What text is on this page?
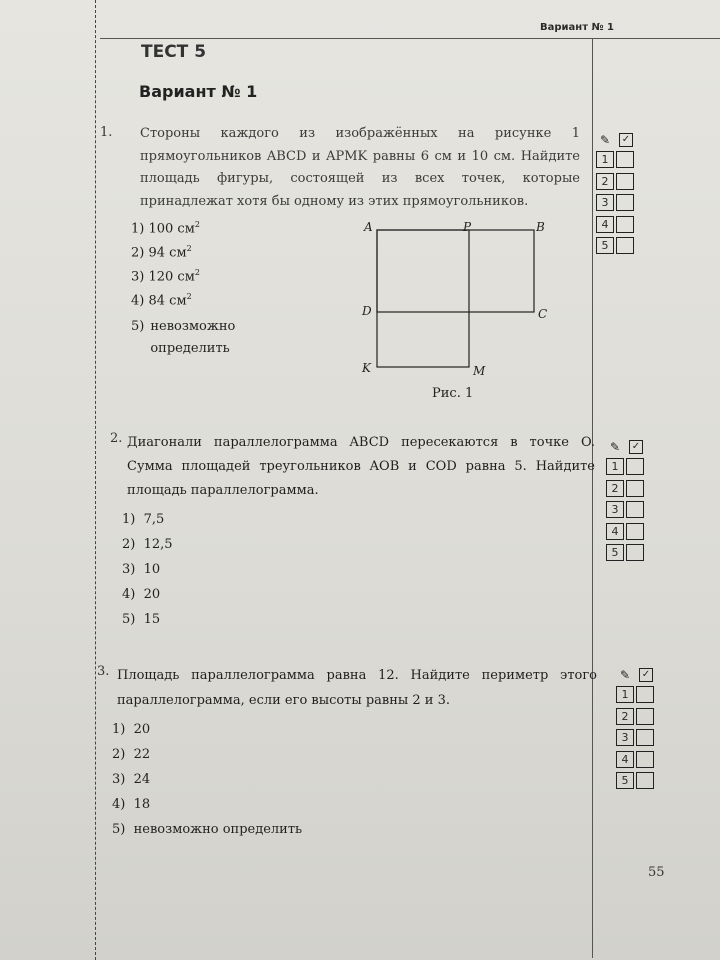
Вариант № 1
ТЕСТ 5
Вариант № 1
1. Стороны каждого из изображённых на рисунке 1 прямоугольников ABCD и APMK равны 6 см и 10 см. Найдите площадь фигуры, состоящей из всех точек, которые принадлежат хотя бы одному из этих прямоугольников.
1) 100 $см^2$
2) 94 $см^2$
3) 120 $см^2$
4) 84 $см^2$
5) невозможно определить
A	P	B
D	C
K	M
Рис. 1
✎ ✓
1
2
3
4
5
2. Диагонали параллелограмма ABCD пересекаются в точке O. Сумма площадей треугольников AOB и COD равна 5. Найдите площадь параллелограмма.
1) 7,5
2) 12,5
3) 10
4) 20
5) 15
✎ ✓
1
2
3
4
5
3. Площадь параллелограмма равна 12. Найдите периметр этого параллелограмма, если его высоты равны 2 и 3.
1) 20
2) 22
3) 24
4) 18
5) невозможно определить
✎ ✓
1
2
3
4
5
55
